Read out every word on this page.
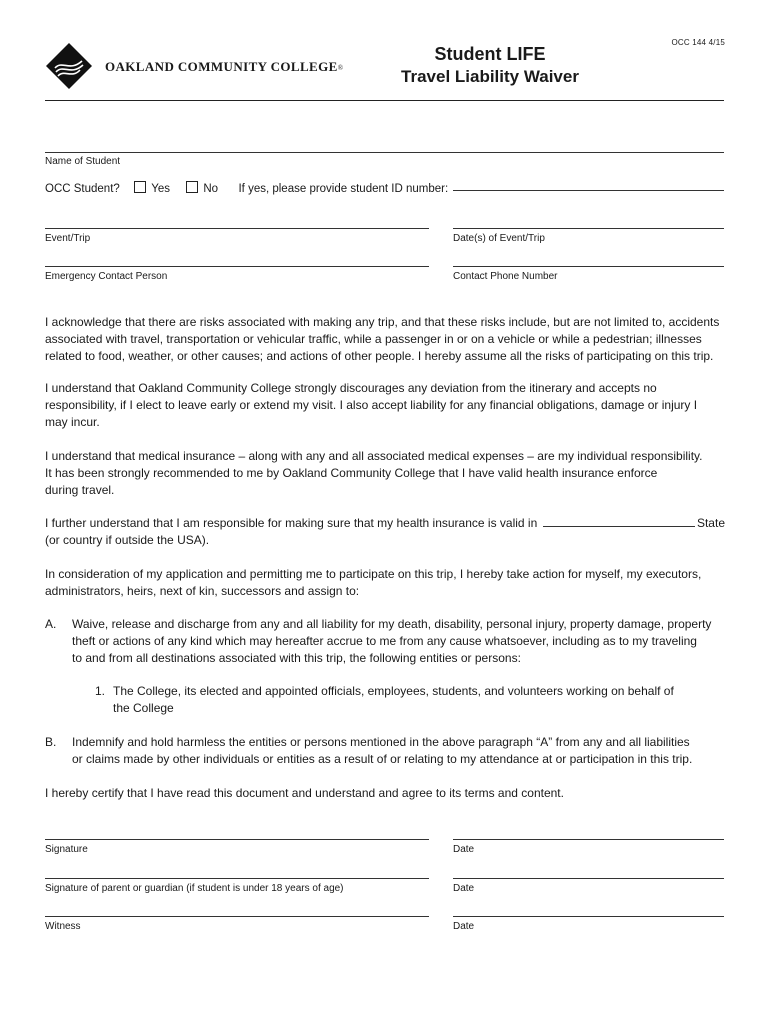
OCC 144 4/15
OAKLAND COMMUNITY COLLEGE®
Student LIFE
Travel Liability Waiver
Name of Student
OCC Student?	Yes	No If yes, please provide student ID number:
Event/Trip	Date(s) of Event/Trip
Emergency Contact Person	Contact Phone Number
I acknowledge that there are risks associated with making any trip, and that these risks include, but are not limited to, accidents
associated with travel, transportation or vehicular traffic, while a passenger in or on a vehicle or while a pedestrian; illnesses
related to food, weather, or other causes; and actions of other people. I hereby assume all the risks of participating on this trip.
I understand that Oakland Community College strongly discourages any deviation from the itinerary and accepts no
responsibility, if I elect to leave early or extend my visit. I also accept liability for any financial obligations, damage or injury I
may incur.
I understand that medical insurance – along with any and all associated medical expenses – are my individual responsibility.
It has been strongly recommended to me by Oakland Community College that I have valid health insurance enforce
during travel.
I further understand that I am responsible for making sure that my health insurance is valid in	State
(or country if outside the USA).
In consideration of my application and permitting me to participate on this trip, I hereby take action for myself, my executors,
administrators, heirs, next of kin, successors and assign to:
A. Waive, release and discharge from any and all liability for my death, disability, personal injury, property damage, property
theft or actions of any kind which may hereafter accrue to me from any cause whatsoever, including as to my traveling
to and from all destinations associated with this trip, the following entities or persons:
1. The College, its elected and appointed officials, employees, students, and volunteers working on behalf of
the College
B. Indemnify and hold harmless the entities or persons mentioned in the above paragraph “A” from any and all liabilities
or claims made by other individuals or entities as a result of or relating to my attendance at or participation in this trip.
I hereby certify that I have read this document and understand and agree to its terms and content.
Signature	Date
Signature of parent or guardian (if student is under 18 years of age)	Date
Witness	Date
